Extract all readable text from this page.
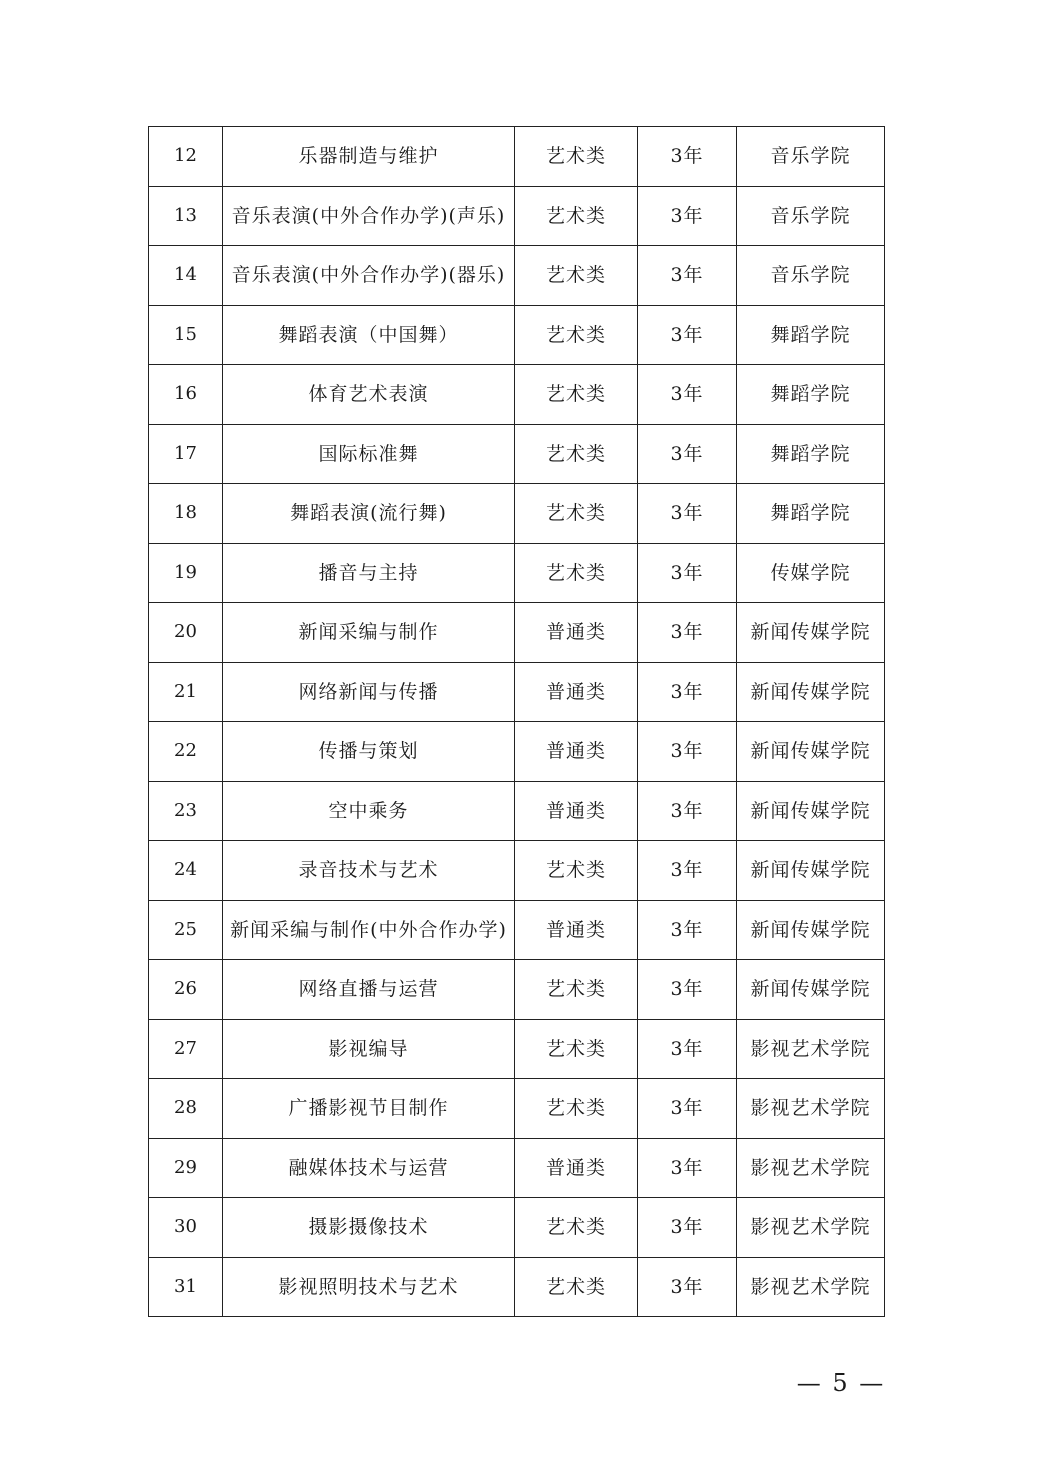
12	乐器制造与维护	艺术类	3年	音乐学院
13	音乐表演(中外合作办学)(声乐)	艺术类	3年	音乐学院
14	音乐表演(中外合作办学)(器乐)	艺术类	3年	音乐学院
15	舞蹈表演（中国舞）	艺术类	3年	舞蹈学院
16	体育艺术表演	艺术类	3年	舞蹈学院
17	国际标准舞	艺术类	3年	舞蹈学院
18	舞蹈表演(流行舞)	艺术类	3年	舞蹈学院
19	播音与主持	艺术类	3年	传媒学院
20	新闻采编与制作	普通类	3年	新闻传媒学院
21	网络新闻与传播	普通类	3年	新闻传媒学院
22	传播与策划	普通类	3年	新闻传媒学院
23	空中乘务	普通类	3年	新闻传媒学院
24	录音技术与艺术	艺术类	3年	新闻传媒学院
25	新闻采编与制作(中外合作办学)	普通类	3年	新闻传媒学院
26	网络直播与运营	艺术类	3年	新闻传媒学院
27	影视编导	艺术类	3年	影视艺术学院
28	广播影视节目制作	艺术类	3年	影视艺术学院
29	融媒体技术与运营	普通类	3年	影视艺术学院
30	摄影摄像技术	艺术类	3年	影视艺术学院
31	影视照明技术与艺术	艺术类	3年	影视艺术学院
— 5 —
